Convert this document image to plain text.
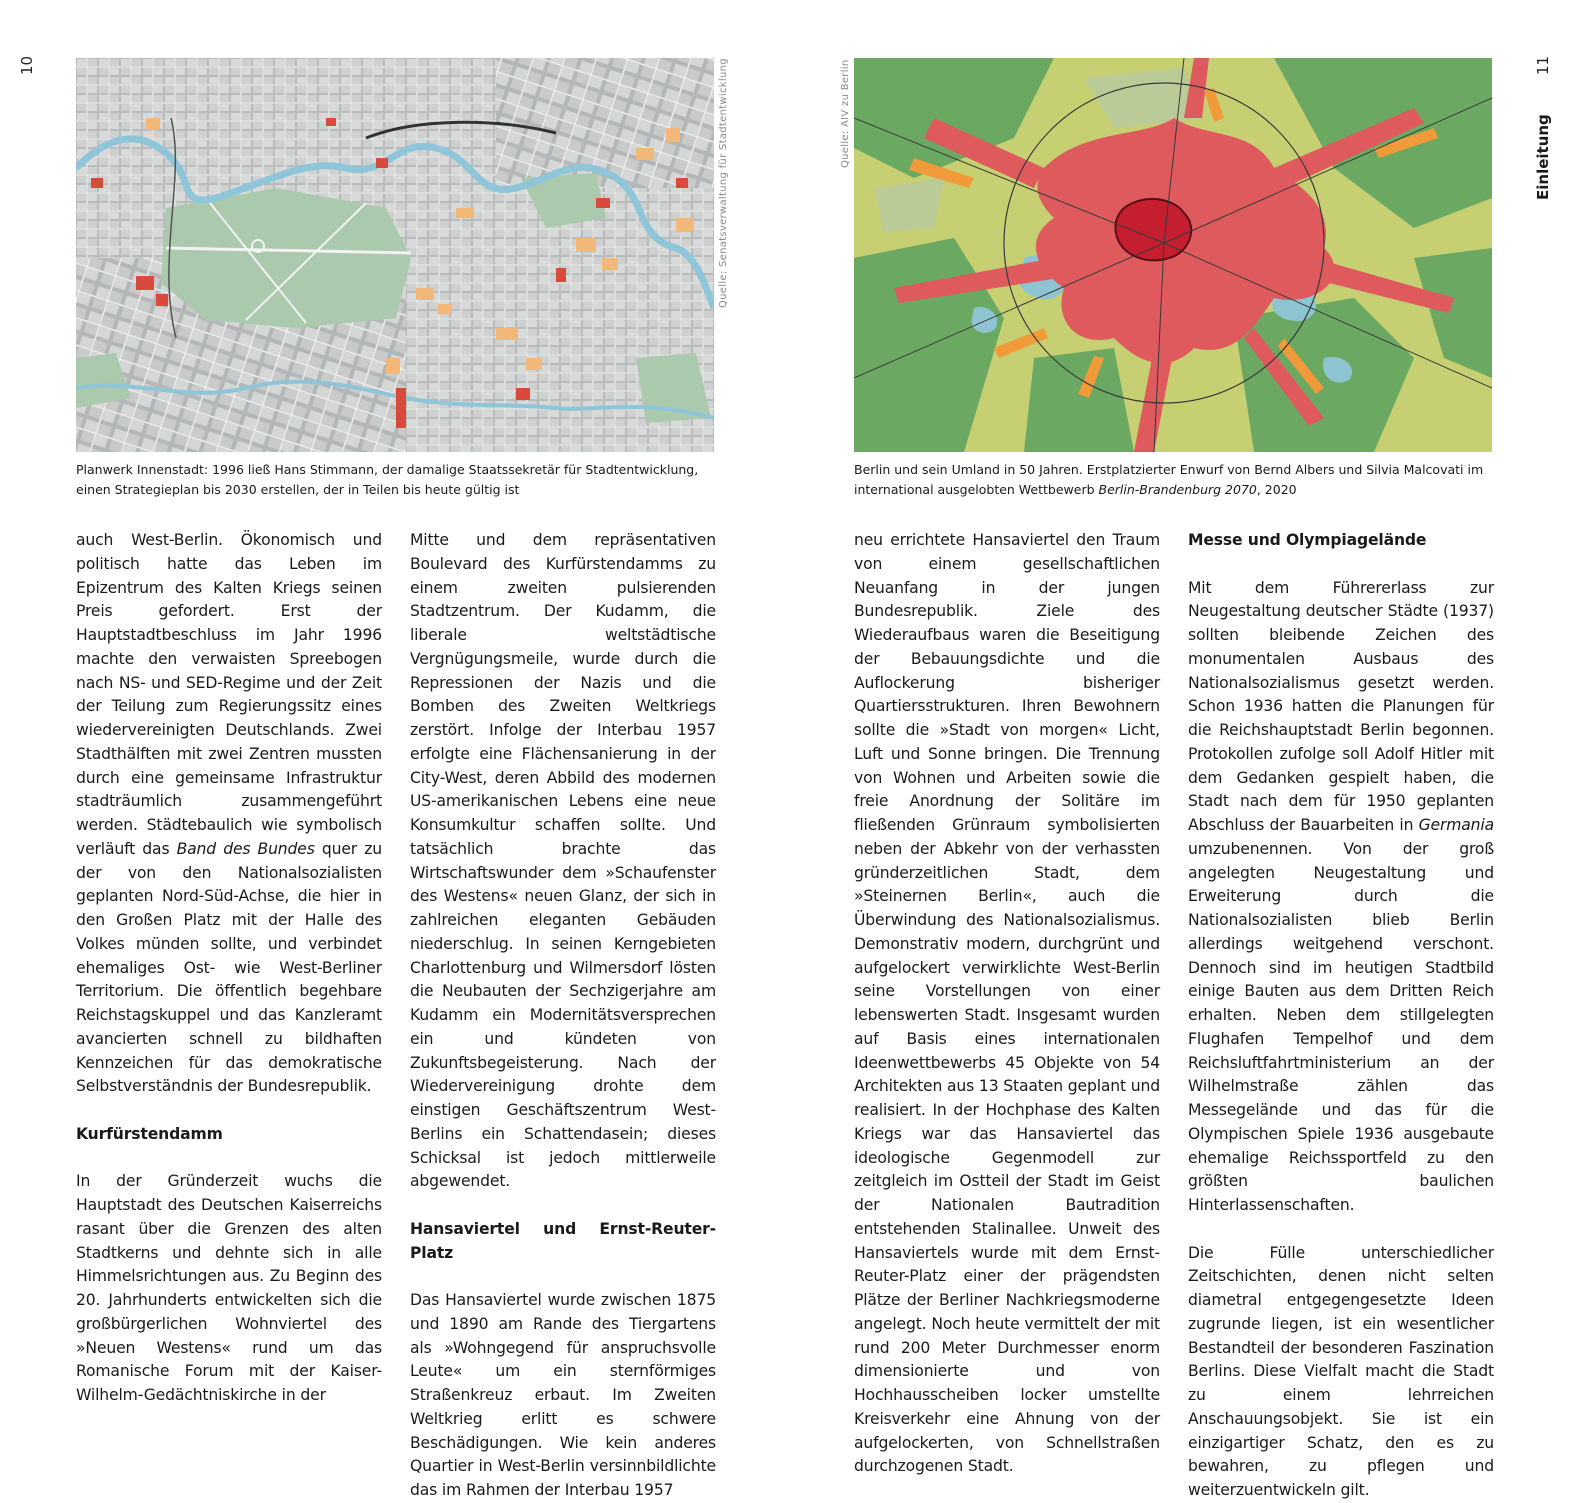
10	Quelle: Senatsverwaltung für Stadtentwicklung
Planwerk Innenstadt: 1996 ließ Hans Stimmann, der damalige Staatssekretär für Stadtentwicklung, einen Strategieplan bis 2030 erstellen, der in Teilen bis heute gültig ist

auch West-Berlin. Ökonomisch und politisch hatte das Leben im Epizentrum des Kalten Kriegs seinen Preis gefordert. Erst der Hauptstadtbeschluss im Jahr 1996 machte den verwaisten Spreebogen nach NS- und SED-Regime und der Zeit der Teilung zum Regierungssitz eines wiedervereinigten Deutschlands. Zwei Stadthälften mit zwei Zentren mussten durch eine gemeinsame Infrastruktur stadträumlich zusammengeführt werden. Städtebaulich wie symbolisch verläuft das Band des Bundes quer zu der von den Nationalsozialisten geplanten Nord-Süd-Achse, die hier in den Großen Platz mit der Halle des Volkes münden sollte, und verbindet ehemaliges Ost- wie West-Berliner Territorium. Die öffentlich begehbare Reichstagskuppel und das Kanzleramt avancierten schnell zu bildhaften Kennzeichen für das demokratische Selbstverständnis der Bundesrepublik.

Kurfürstendamm

In der Gründerzeit wuchs die Hauptstadt des Deutschen Kaiserreichs rasant über die Grenzen des alten Stadtkerns und dehnte sich in alle Himmelsrichtungen aus. Zu Beginn des 20. Jahrhunderts entwickelten sich die großbürgerlichen Wohnviertel des »Neuen Westens« rund um das Romanische Forum mit der Kaiser-Wilhelm-Gedächtniskirche in der

Mitte und dem repräsentativen Boulevard des Kurfürstendamms zu einem zweiten pulsierenden Stadtzentrum. Der Kudamm, die liberale weltstädtische Vergnügungsmeile, wurde durch die Repressionen der Nazis und die Bomben des Zweiten Weltkriegs zerstört. Infolge der Interbau 1957 erfolgte eine Flächensanierung in der City-West, deren Abbild des modernen US-amerikanischen Lebens eine neue Konsumkultur schaffen sollte. Und tatsächlich brachte das Wirtschaftswunder dem »Schaufenster des Westens« neuen Glanz, der sich in zahlreichen eleganten Gebäuden niederschlug. In seinen Kerngebieten Charlottenburg und Wilmersdorf lösten die Neubauten der Sechzigerjahre am Kudamm ein Modernitätsversprechen ein und kündeten von Zukunftsbegeisterung. Nach der Wiedervereinigung drohte dem einstigen Geschäftszentrum West-Berlins ein Schattendasein; dieses Schicksal ist jedoch mittlerweile abgewendet.

Hansaviertel und Ernst-Reuter-Platz

Das Hansaviertel wurde zwischen 1875 und 1890 am Rande des Tiergartens als »Wohngegend für anspruchsvolle Leute« um ein sternförmiges Straßenkreuz erbaut. Im Zweiten Weltkrieg erlitt es schwere Beschädigungen. Wie kein anderes Quartier in West-Berlin versinnbildlichte das im Rahmen der Interbau 1957

11
Einleitung
Quelle: AIV zu Berlin
Berlin und sein Umland in 50 Jahren. Erstplatzierter Enwurf von Bernd Albers und Silvia Malcovati im international ausgelobten Wettbewerb Berlin-Brandenburg 2070, 2020

neu errichtete Hansaviertel den Traum von einem gesellschaftlichen Neuanfang in der jungen Bundesrepublik. Ziele des Wiederaufbaus waren die Beseitigung der Bebauungsdichte und die Auflockerung bisheriger Quartiersstrukturen. Ihren Bewohnern sollte die »Stadt von morgen« Licht, Luft und Sonne bringen. Die Trennung von Wohnen und Arbeiten sowie die freie Anordnung der Solitäre im fließenden Grünraum symbolisierten neben der Abkehr von der verhassten gründerzeitlichen Stadt, dem »Steinernen Berlin«, auch die Überwindung des Nationalsozialismus. Demonstrativ modern, durchgrünt und aufgelockert verwirklichte West-Berlin seine Vorstellungen von einer lebenswerten Stadt. Insgesamt wurden auf Basis eines internationalen Ideenwettbewerbs 45 Objekte von 54 Architekten aus 13 Staaten geplant und realisiert. In der Hochphase des Kalten Kriegs war das Hansaviertel das ideologische Gegenmodell zur zeitgleich im Ostteil der Stadt im Geist der Nationalen Bautradition entstehenden Stalinallee. Unweit des Hansaviertels wurde mit dem Ernst-Reuter-Platz einer der prägendsten Plätze der Berliner Nachkriegsmoderne angelegt. Noch heute vermittelt der mit rund 200 Meter Durchmesser enorm dimensionierte und von Hochhausscheiben locker umstellte Kreisverkehr eine Ahnung von der aufgelockerten, von Schnellstraßen durchzogenen Stadt.

Messe und Olympiagelände

Mit dem Führererlass zur Neugestaltung deutscher Städte (1937) sollten bleibende Zeichen des monumentalen Ausbaus des Nationalsozialismus gesetzt werden. Schon 1936 hatten die Planungen für die Reichshauptstadt Berlin begonnen. Protokollen zufolge soll Adolf Hitler mit dem Gedanken gespielt haben, die Stadt nach dem für 1950 geplanten Abschluss der Bauarbeiten in Germania umzubenennen. Von der groß angelegten Neugestaltung und Erweiterung durch die Nationalsozialisten blieb Berlin allerdings weitgehend verschont. Dennoch sind im heutigen Stadtbild einige Bauten aus dem Dritten Reich erhalten. Neben dem stillgelegten Flughafen Tempelhof und dem Reichsluftfahrtministerium an der Wilhelmstraße zählen das Messegelände und das für die Olympischen Spiele 1936 ausgebaute ehemalige Reichssportfeld zu den größten baulichen Hinterlassenschaften.

Die Fülle unterschiedlicher Zeitschichten, denen nicht selten diametral entgegengesetzte Ideen zugrunde liegen, ist ein wesentlicher Bestandteil der besonderen Faszination Berlins. Diese Vielfalt macht die Stadt zu einem lehrreichen Anschauungsobjekt. Sie ist ein einzigartiger Schatz, den es zu bewahren, zu pflegen und weiterzuentwickeln gilt.
